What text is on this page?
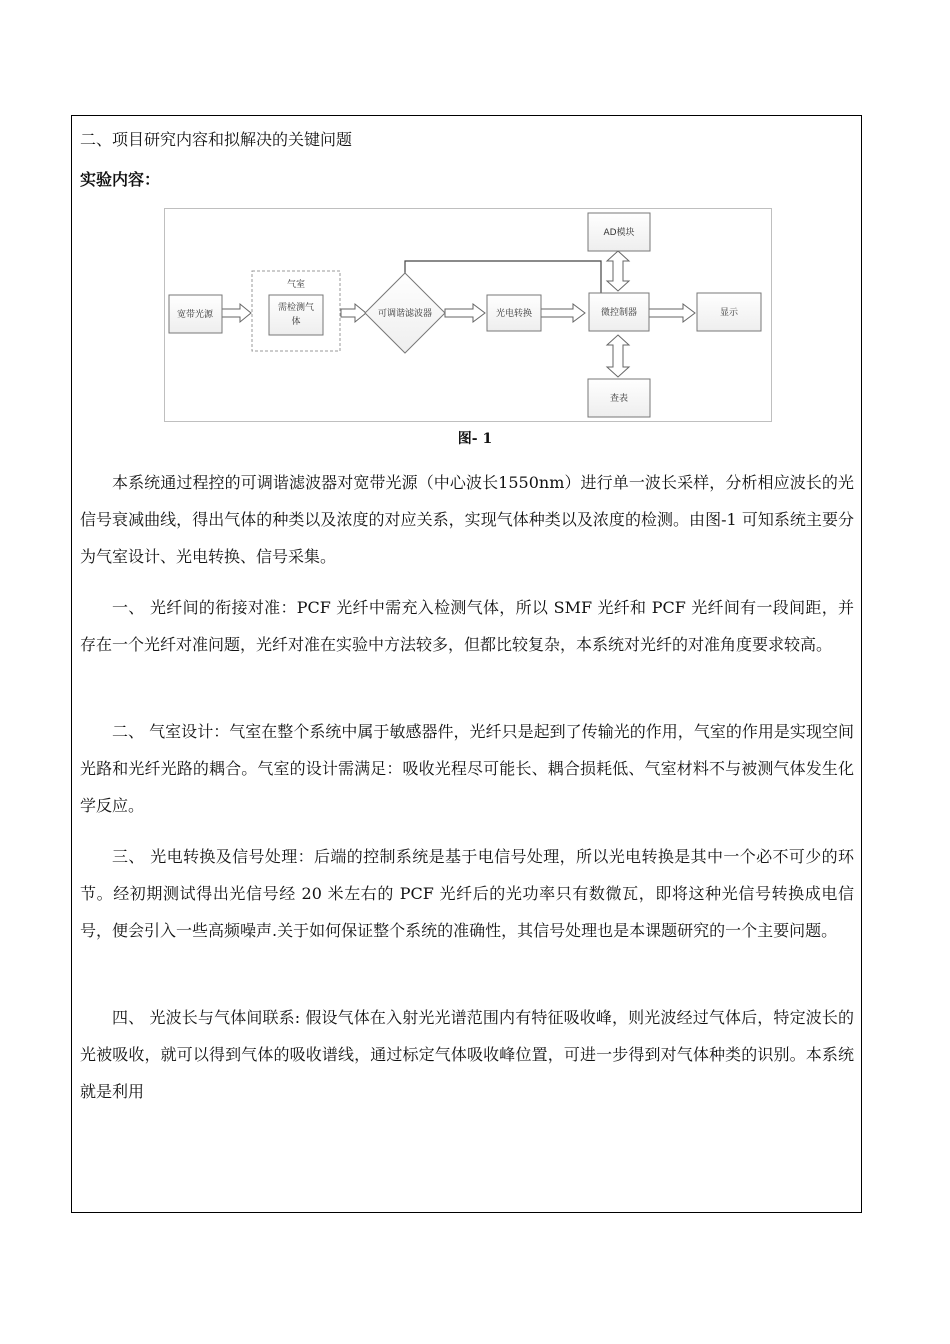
二、项目研究内容和拟解决的关键问题
实验内容：
气室
宽带光源
需检测气
体
可调谐滤波器	光电转换	微控制器
AD模块
查表
显示
图- 1

本系统通过程控的可调谐滤波器对宽带光源（中心波长1550nm）进行单一波长采样，分析相应波长的光信号衰减曲线，得出气体的种类以及浓度的对应关系，实现气体种类以及浓度的检测。由图-1 可知系统主要分为气室设计、光电转换、信号采集。

一、 光纤间的衔接对准：PCF 光纤中需充入检测气体，所以 SMF 光纤和 PCF 光纤间有一段间距，并存在一个光纤对准问题，光纤对准在实验中方法较多，但都比较复杂，本系统对光纤的对准角度要求较高。

二、 气室设计：气室在整个系统中属于敏感器件，光纤只是起到了传输光的作用，气室的作用是实现空间光路和光纤光路的耦合。气室的设计需满足：吸收光程尽可能长、耦合损耗低、气室材料不与被测气体发生化学反应。

三、 光电转换及信号处理：后端的控制系统是基于电信号处理，所以光电转换是其中一个必不可少的环节。经初期测试得出光信号经 20 米左右的 PCF 光纤后的光功率只有数微瓦，即将这种光信号转换成电信号，便会引入一些高频噪声.关于如何保证整个系统的准确性，其信号处理也是本课题研究的一个主要问题。

四、 光波长与气体间联系: 假设气体在入射光光谱范围内有特征吸收峰，则光波经过气体后，特定波长的光被吸收，就可以得到气体的吸收谱线，通过标定气体吸收峰位置，可进一步得到对气体种类的识别。本系统就是利用
